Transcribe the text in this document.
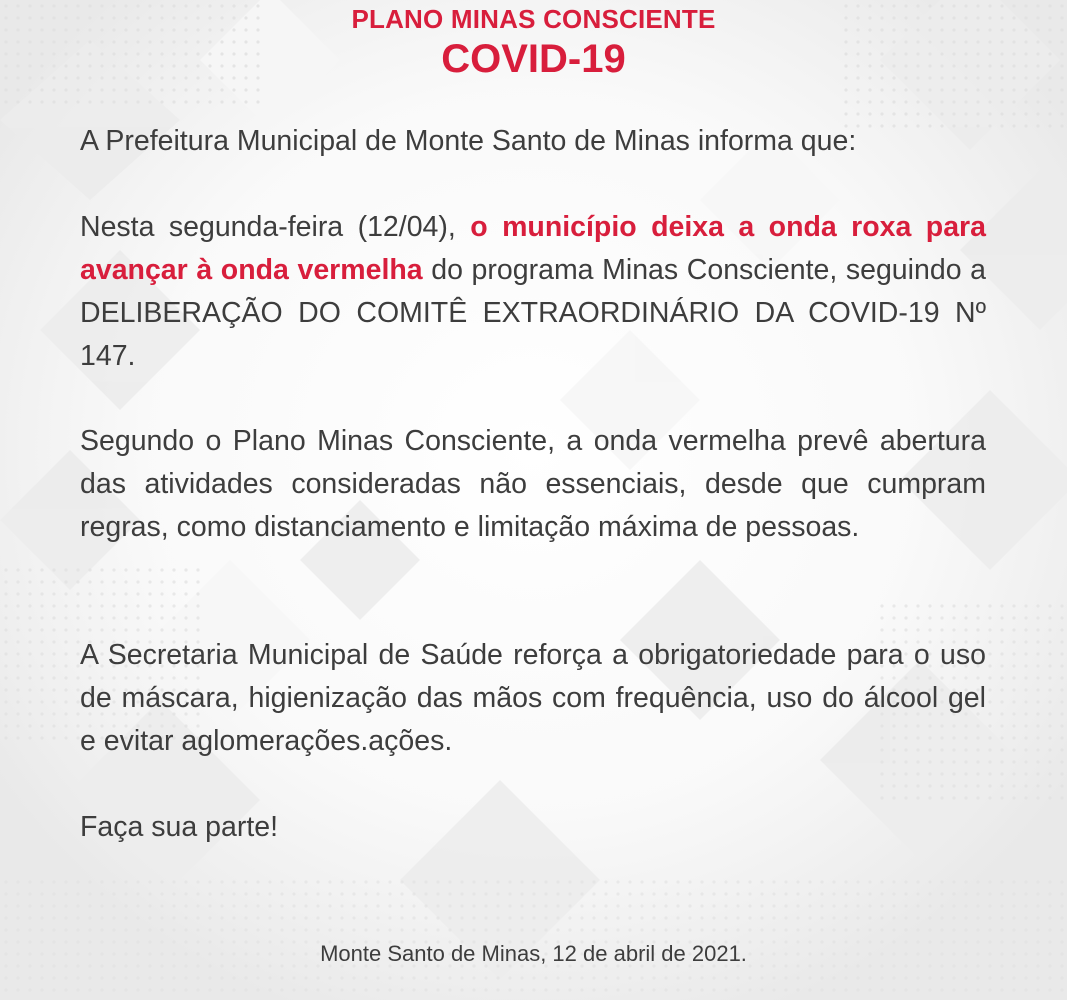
PLANO MINAS CONSCIENTE
COVID-19

A Prefeitura Municipal de Monte Santo de Minas informa que:

Nesta segunda-feira (12/04), o município deixa a onda roxa para avançar à onda vermelha do programa Minas Consciente, seguindo a DELIBERAÇÃO DO COMITÊ EXTRAORDINÁRIO DA COVID-19 Nº 147.

Segundo o Plano Minas Consciente, a onda vermelha prevê abertura das atividades consideradas não essenciais, desde que cumpram regras, como distanciamento e limitação máxima de pessoas.

A Secretaria Municipal de Saúde reforça a obrigatoriedade para o uso de máscara, higienização das mãos com frequência, uso do álcool gel e evitar aglomerações.ações.

Faça sua parte!

Monte Santo de Minas, 12 de abril de 2021.
